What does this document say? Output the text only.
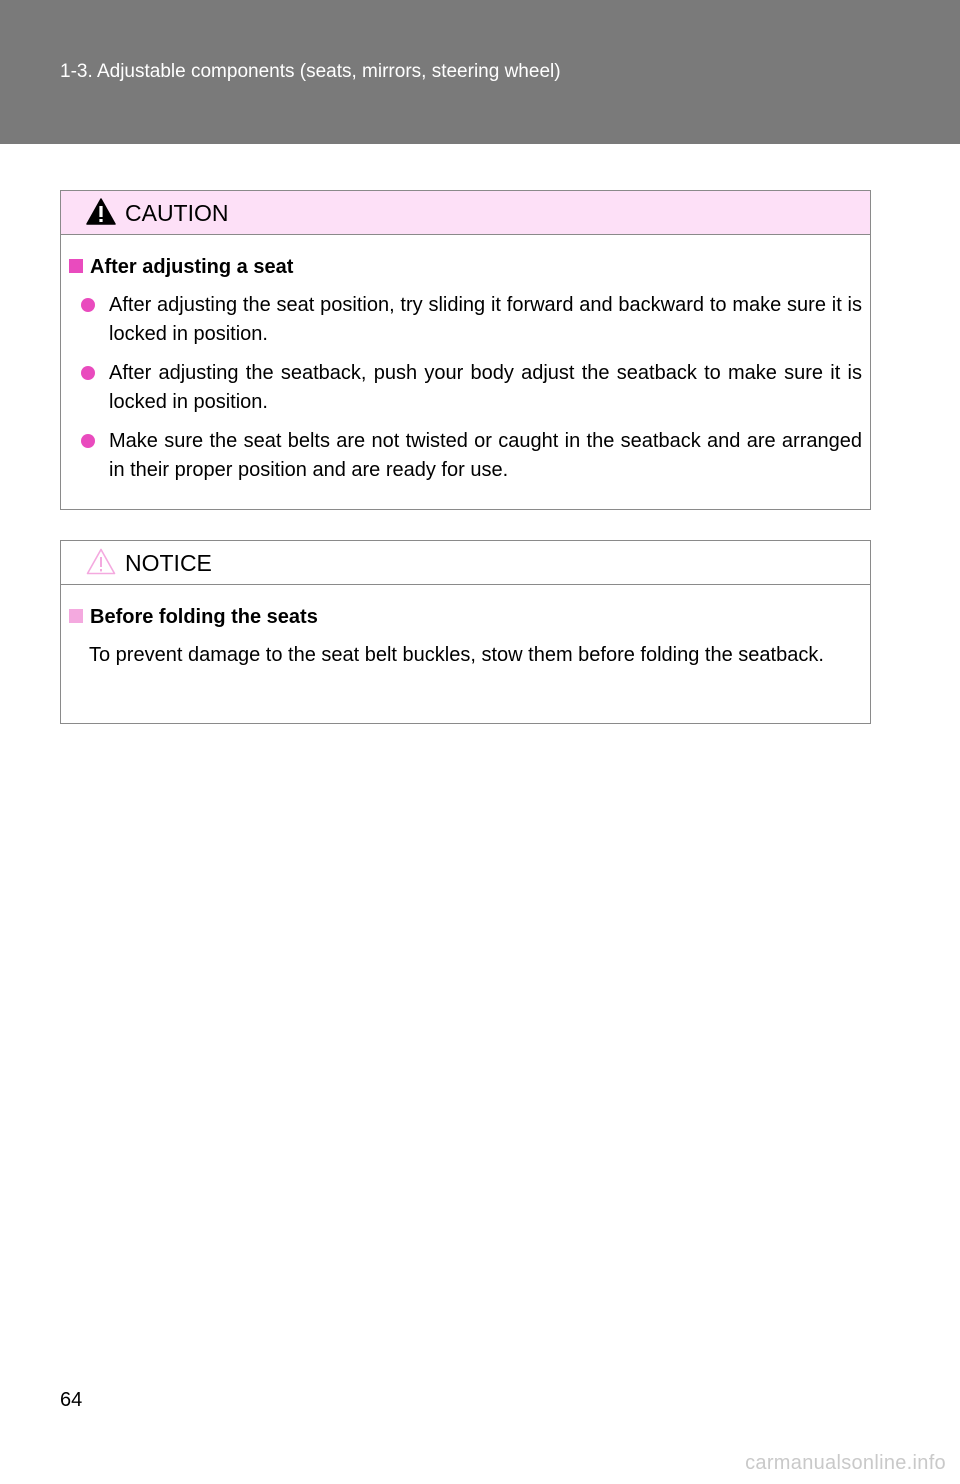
1-3. Adjustable components (seats, mirrors, steering wheel)
CAUTION
After adjusting a seat
After adjusting the seat position, try sliding it forward and backward to make sure it is locked in position.
After adjusting the seatback, push your body adjust the seatback to make sure it is locked in position.
Make sure the seat belts are not twisted or caught in the seatback and are arranged in their proper position and are ready for use.
NOTICE
Before folding the seats
To prevent damage to the seat belt buckles, stow them before folding the seatback.
64
carmanualsonline.info
